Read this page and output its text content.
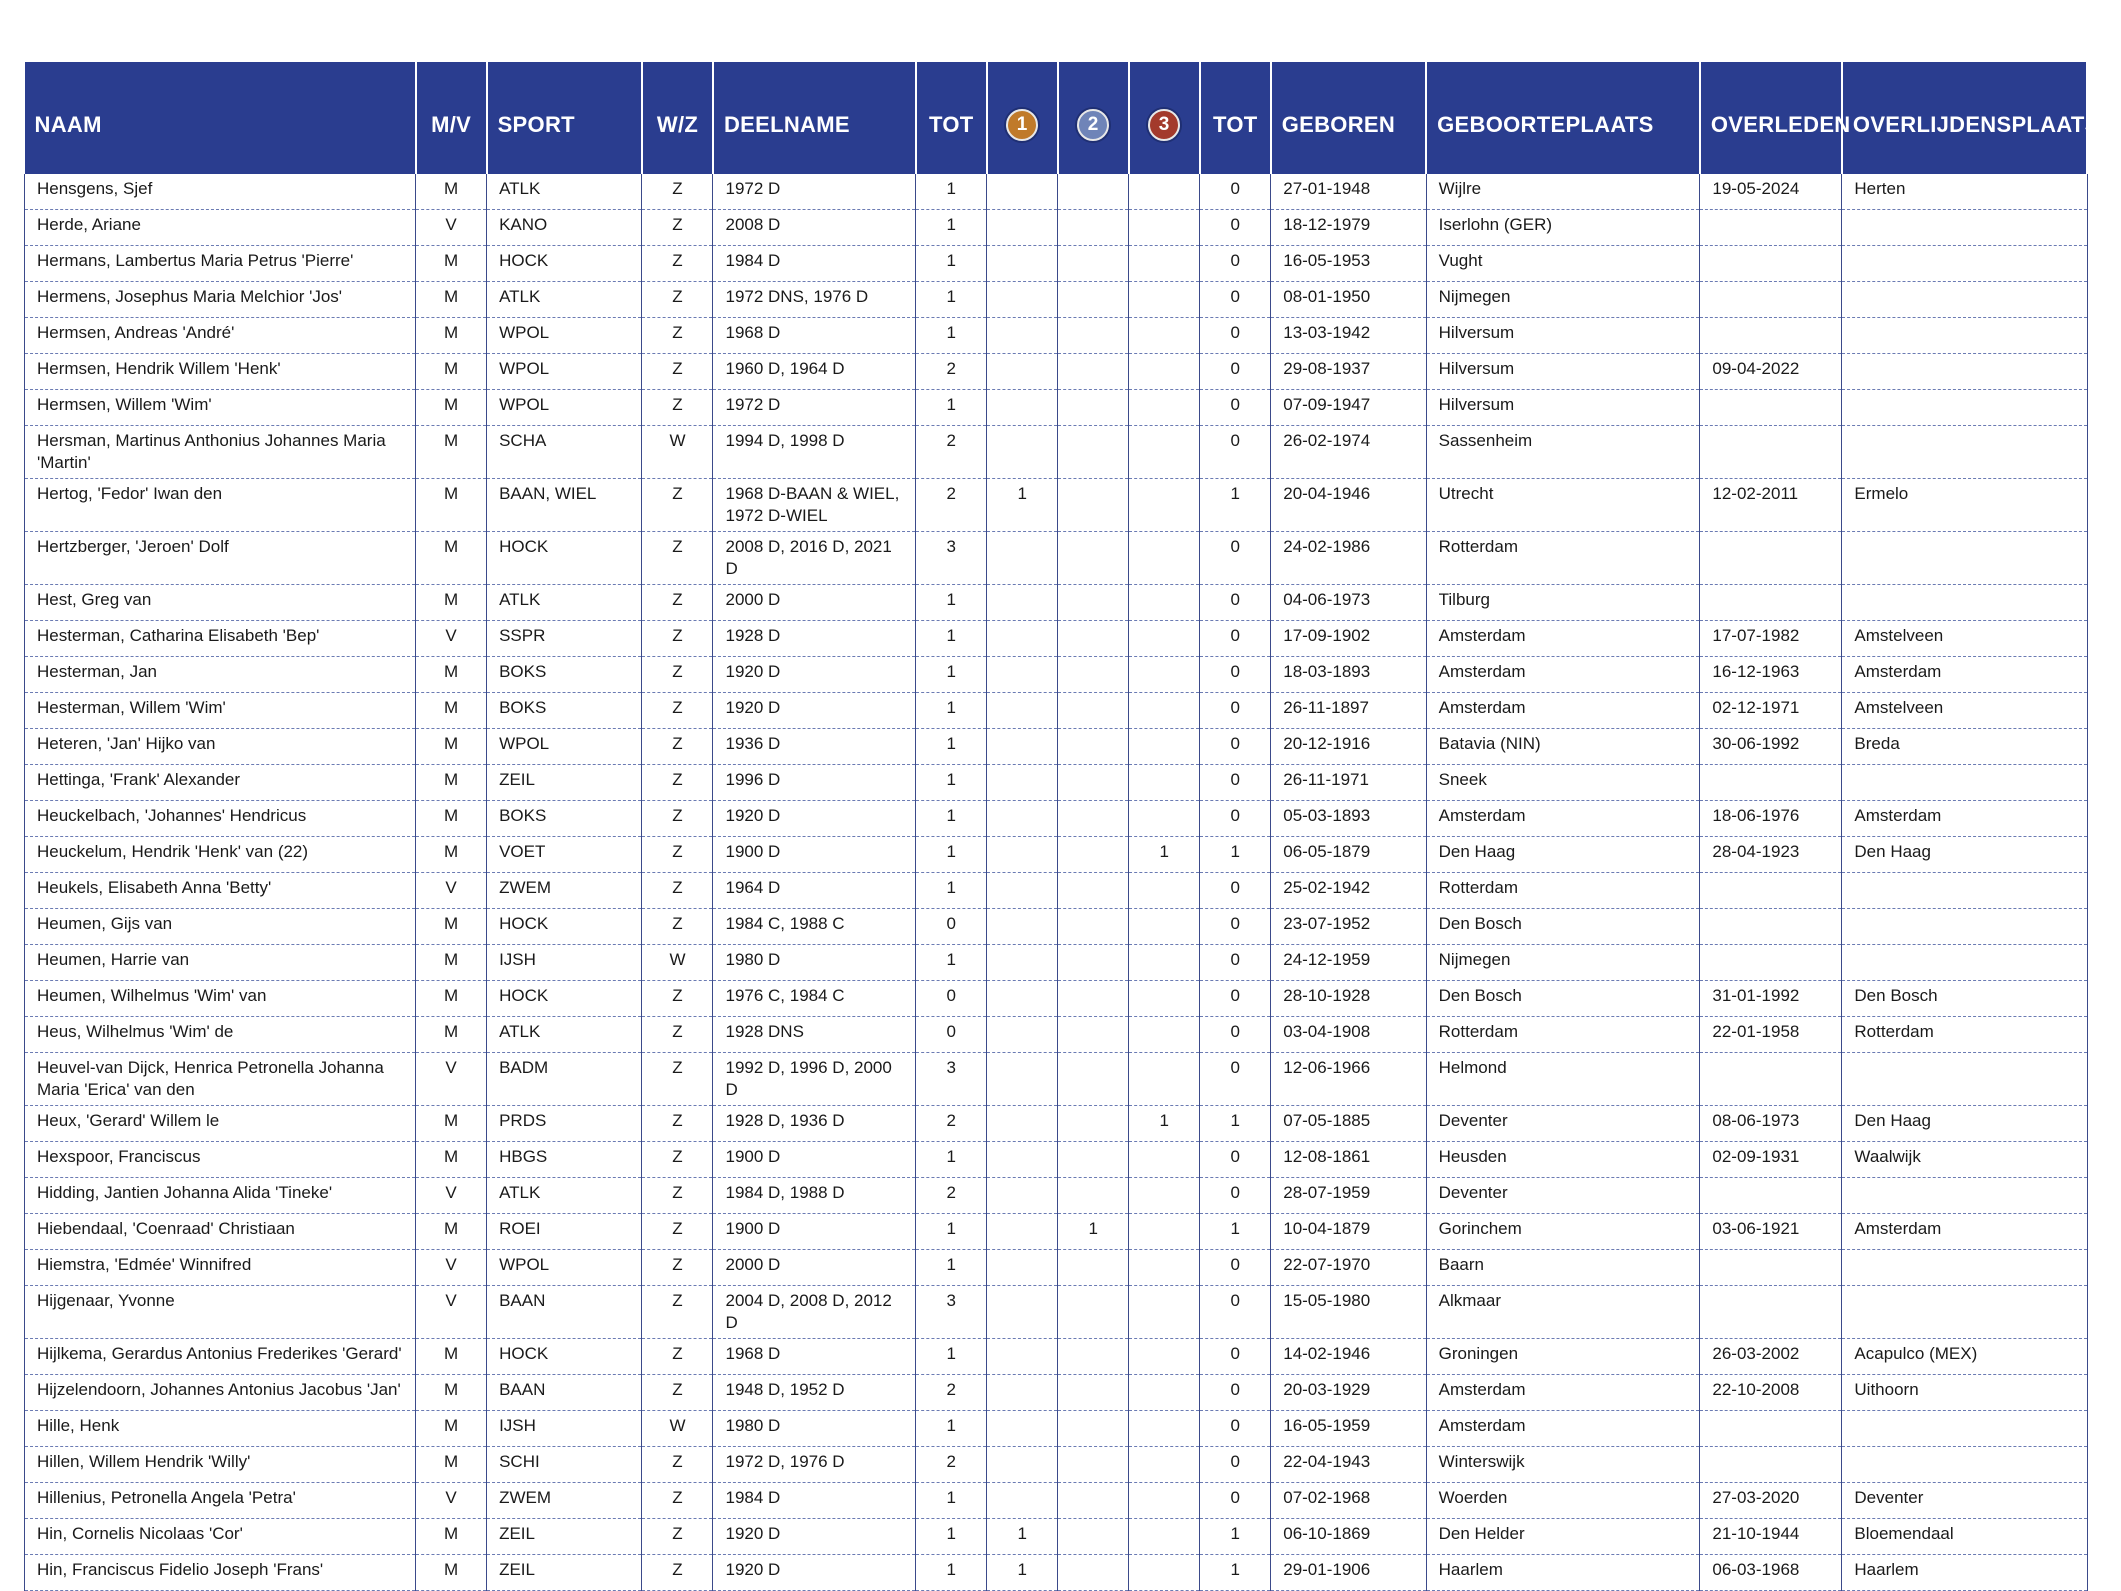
NAAM	M/V	SPORT	W/Z	DEELNAME	TOT	1	2	3	TOT	GEBOREN	GEBOORTEPLAATS	OVERLEDEN	OVERLIJDENSPLAATS
Hensgens, Sjef	M	ATLK	Z	1972 D	1				0	27-01-1948	Wijlre	19-05-2024	Herten
Herde, Ariane	V	KANO	Z	2008 D	1				0	18-12-1979	Iserlohn (GER)		
Hermans, Lambertus Maria Petrus 'Pierre'	M	HOCK	Z	1984 D	1				0	16-05-1953	Vught		
Hermens, Josephus Maria Melchior 'Jos'	M	ATLK	Z	1972 DNS, 1976 D	1				0	08-01-1950	Nijmegen		
Hermsen, Andreas 'André'	M	WPOL	Z	1968 D	1				0	13-03-1942	Hilversum		
Hermsen, Hendrik Willem 'Henk'	M	WPOL	Z	1960 D, 1964 D	2				0	29-08-1937	Hilversum	09-04-2022	
Hermsen, Willem 'Wim'	M	WPOL	Z	1972 D	1				0	07-09-1947	Hilversum		
Hersman, Martinus Anthonius Johannes Maria 'Martin'	M	SCHA	W	1994 D, 1998 D	2				0	26-02-1974	Sassenheim		
Hertog, 'Fedor' Iwan den	M	BAAN, WIEL	Z	1968 D-BAAN & WIEL, 1972 D-WIEL	2	1			1	20-04-1946	Utrecht	12-02-2011	Ermelo
Hertzberger, 'Jeroen' Dolf	M	HOCK	Z	2008 D, 2016 D, 2021 D	3				0	24-02-1986	Rotterdam		
Hest, Greg van	M	ATLK	Z	2000 D	1				0	04-06-1973	Tilburg		
Hesterman, Catharina Elisabeth 'Bep'	V	SSPR	Z	1928 D	1				0	17-09-1902	Amsterdam	17-07-1982	Amstelveen
Hesterman, Jan	M	BOKS	Z	1920 D	1				0	18-03-1893	Amsterdam	16-12-1963	Amsterdam
Hesterman, Willem 'Wim'	M	BOKS	Z	1920 D	1				0	26-11-1897	Amsterdam	02-12-1971	Amstelveen
Heteren, 'Jan' Hijko van	M	WPOL	Z	1936 D	1				0	20-12-1916	Batavia (NIN)	30-06-1992	Breda
Hettinga, 'Frank' Alexander	M	ZEIL	Z	1996 D	1				0	26-11-1971	Sneek		
Heuckelbach, 'Johannes' Hendricus	M	BOKS	Z	1920 D	1				0	05-03-1893	Amsterdam	18-06-1976	Amsterdam
Heuckelum, Hendrik 'Henk' van (22)	M	VOET	Z	1900 D	1			1	1	06-05-1879	Den Haag	28-04-1923	Den Haag
Heukels, Elisabeth Anna 'Betty'	V	ZWEM	Z	1964 D	1				0	25-02-1942	Rotterdam		
Heumen, Gijs van	M	HOCK	Z	1984 C, 1988 C	0				0	23-07-1952	Den Bosch		
Heumen, Harrie van	M	IJSH	W	1980 D	1				0	24-12-1959	Nijmegen		
Heumen, Wilhelmus 'Wim' van	M	HOCK	Z	1976 C, 1984 C	0				0	28-10-1928	Den Bosch	31-01-1992	Den Bosch
Heus, Wilhelmus 'Wim' de	M	ATLK	Z	1928 DNS	0				0	03-04-1908	Rotterdam	22-01-1958	Rotterdam
Heuvel-van Dijck, Henrica Petronella Johanna Maria 'Erica' van den	V	BADM	Z	1992 D, 1996 D, 2000 D	3				0	12-06-1966	Helmond		
Heux, 'Gerard' Willem le	M	PRDS	Z	1928 D, 1936 D	2			1	1	07-05-1885	Deventer	08-06-1973	Den Haag
Hexspoor, Franciscus	M	HBGS	Z	1900 D	1				0	12-08-1861	Heusden	02-09-1931	Waalwijk
Hidding, Jantien Johanna Alida 'Tineke'	V	ATLK	Z	1984 D, 1988 D	2				0	28-07-1959	Deventer		
Hiebendaal, 'Coenraad' Christiaan	M	ROEI	Z	1900 D	1		1		1	10-04-1879	Gorinchem	03-06-1921	Amsterdam
Hiemstra, 'Edmée' Winnifred	V	WPOL	Z	2000 D	1				0	22-07-1970	Baarn		
Hijgenaar, Yvonne	V	BAAN	Z	2004 D, 2008 D, 2012 D	3				0	15-05-1980	Alkmaar		
Hijlkema, Gerardus Antonius Frederikes 'Gerard'	M	HOCK	Z	1968 D	1				0	14-02-1946	Groningen	26-03-2002	Acapulco (MEX)
Hijzelendoorn, Johannes Antonius Jacobus 'Jan'	M	BAAN	Z	1948 D, 1952 D	2				0	20-03-1929	Amsterdam	22-10-2008	Uithoorn
Hille, Henk	M	IJSH	W	1980 D	1				0	16-05-1959	Amsterdam		
Hillen, Willem Hendrik 'Willy'	M	SCHI	Z	1972 D, 1976 D	2				0	22-04-1943	Winterswijk		
Hillenius, Petronella Angela 'Petra'	V	ZWEM	Z	1984 D	1				0	07-02-1968	Woerden	27-03-2020	Deventer
Hin, Cornelis Nicolaas 'Cor'	M	ZEIL	Z	1920 D	1	1			1	06-10-1869	Den Helder	21-10-1944	Bloemendaal
Hin, Franciscus Fidelio Joseph 'Frans'	M	ZEIL	Z	1920 D	1	1			1	29-01-1906	Haarlem	06-03-1968	Haarlem
